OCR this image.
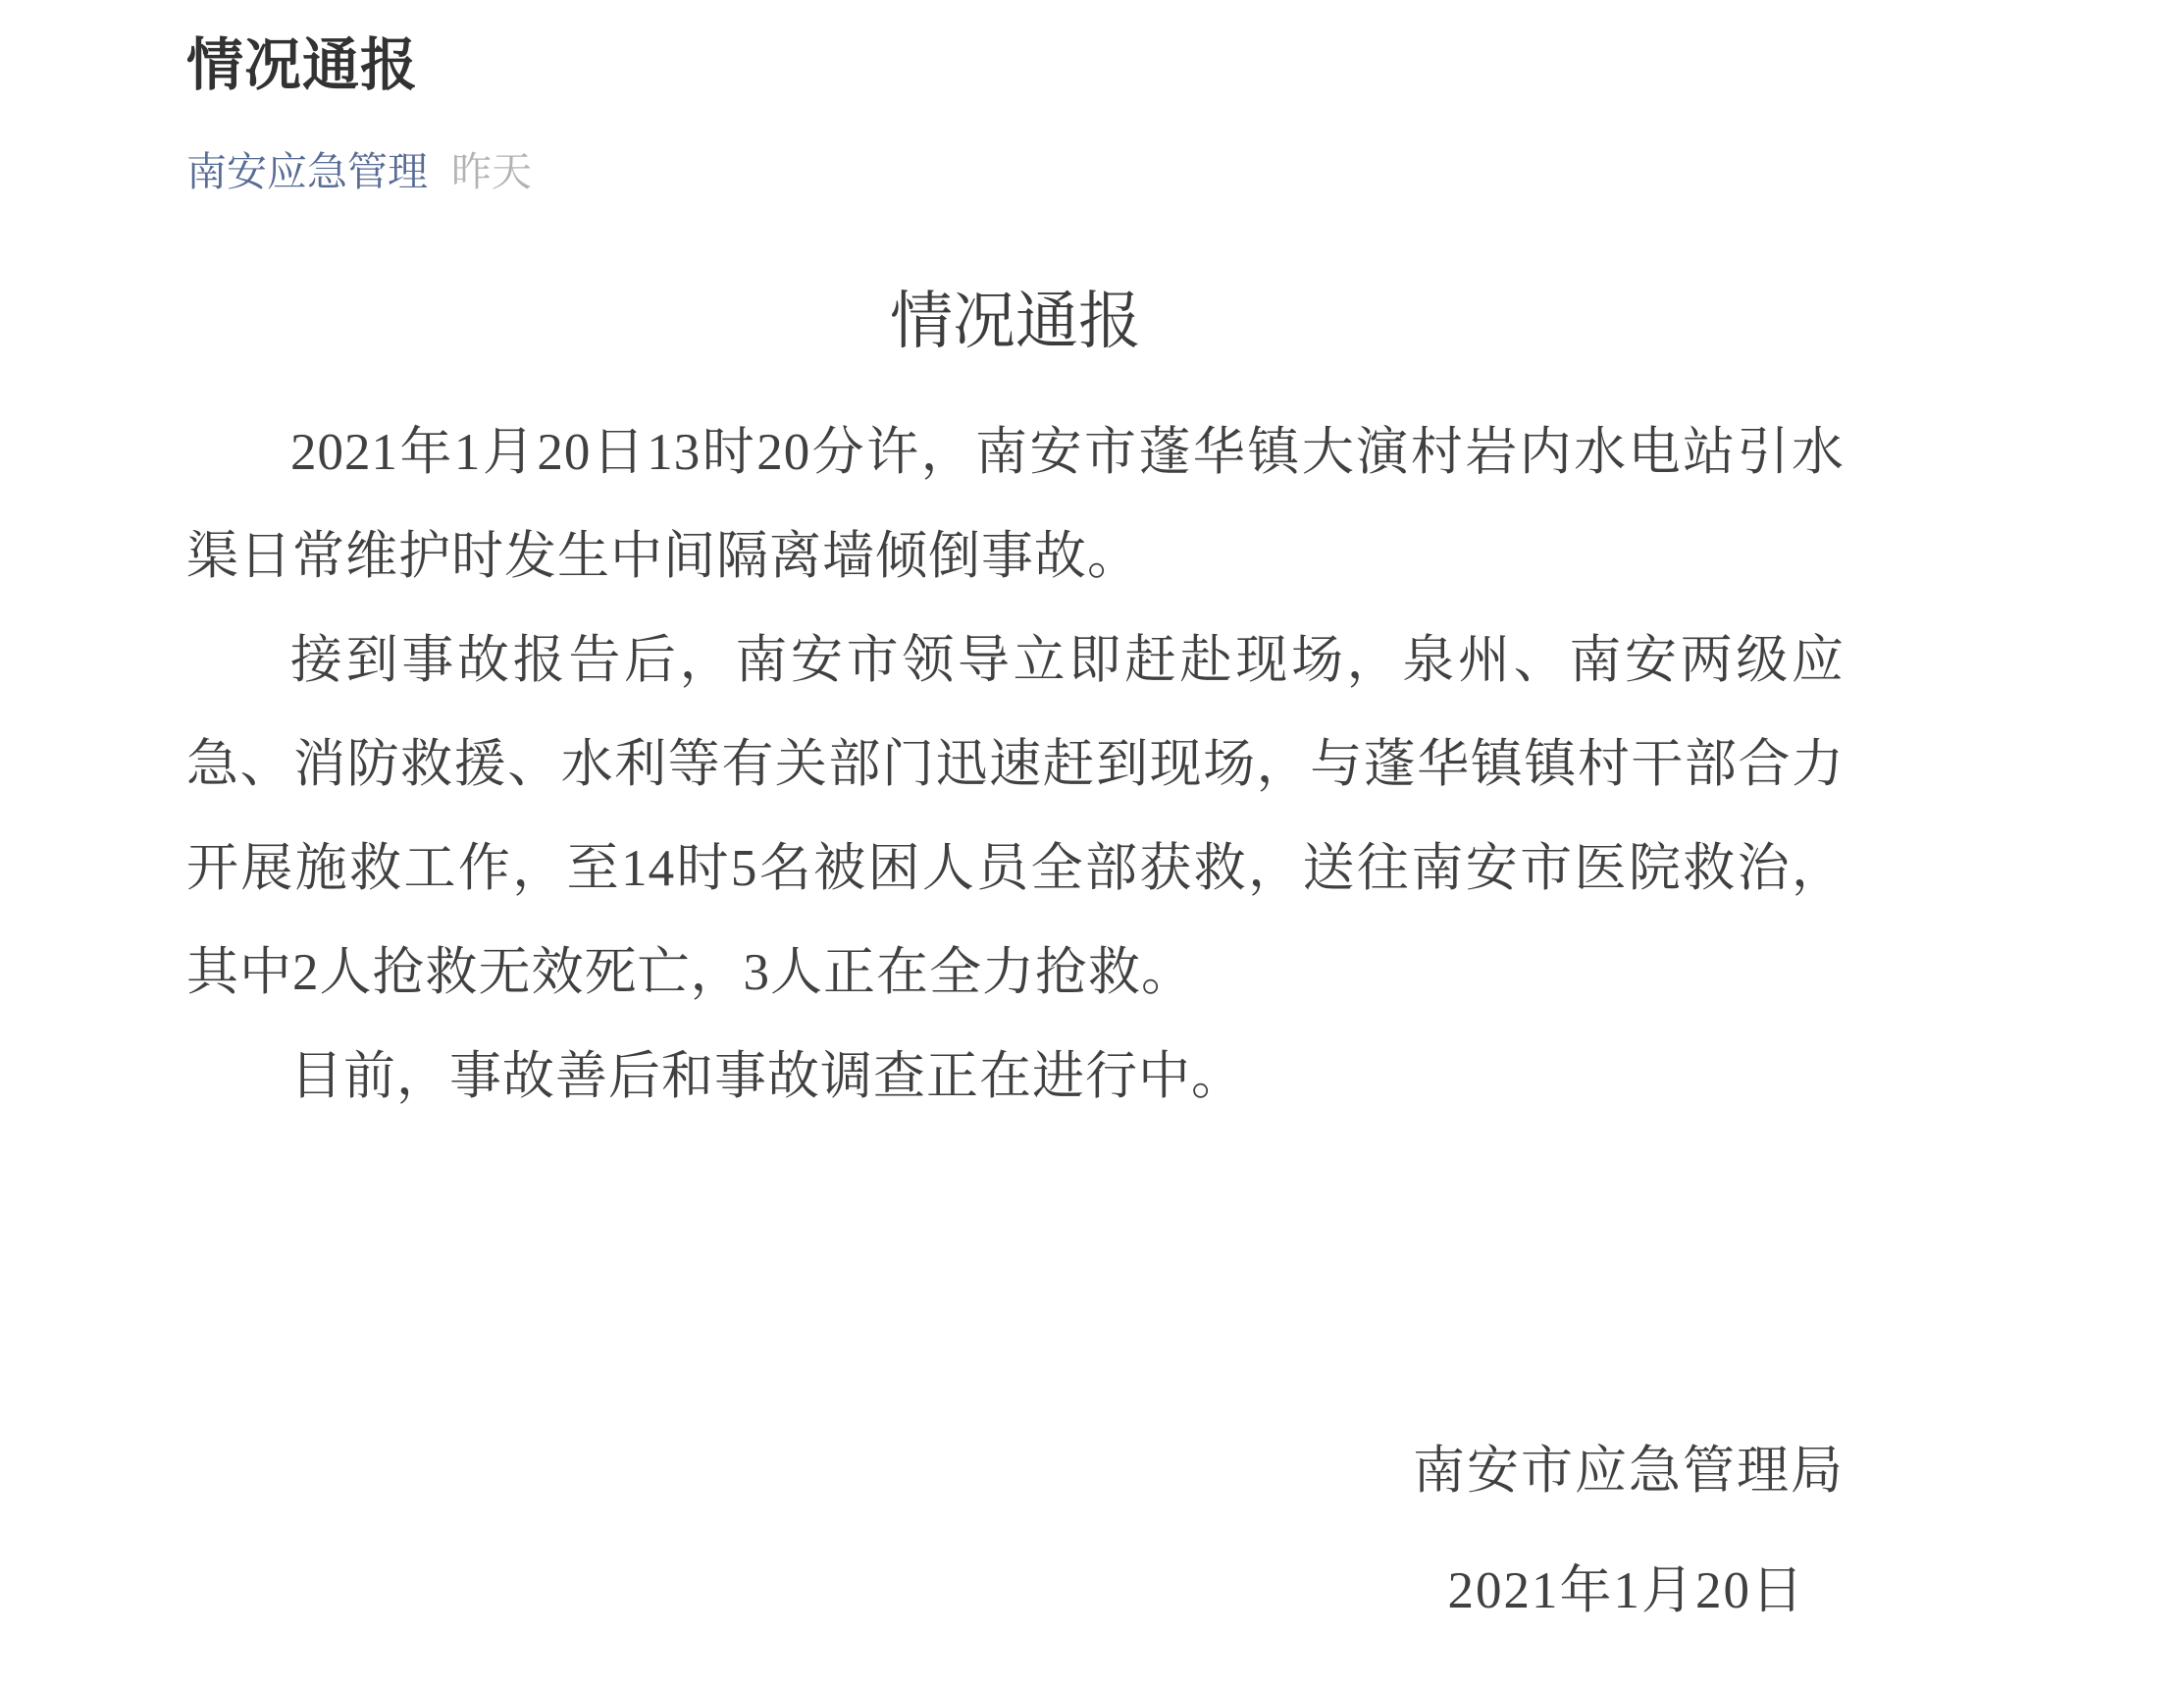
情况通报
南安应急管理 昨天
情况通报

2021年1月20日13时20分许，南安市蓬华镇大演村岩内水电站引水渠日常维护时发生中间隔离墙倾倒事故。

接到事故报告后，南安市领导立即赶赴现场，泉州、南安两级应急、消防救援、水利等有关部门迅速赶到现场，与蓬华镇镇村干部合力开展施救工作，至14时5名被困人员全部获救，送往南安市医院救治，其中2人抢救无效死亡，3人正在全力抢救。

目前，事故善后和事故调查正在进行中。

南安市应急管理局

2021年1月20日
